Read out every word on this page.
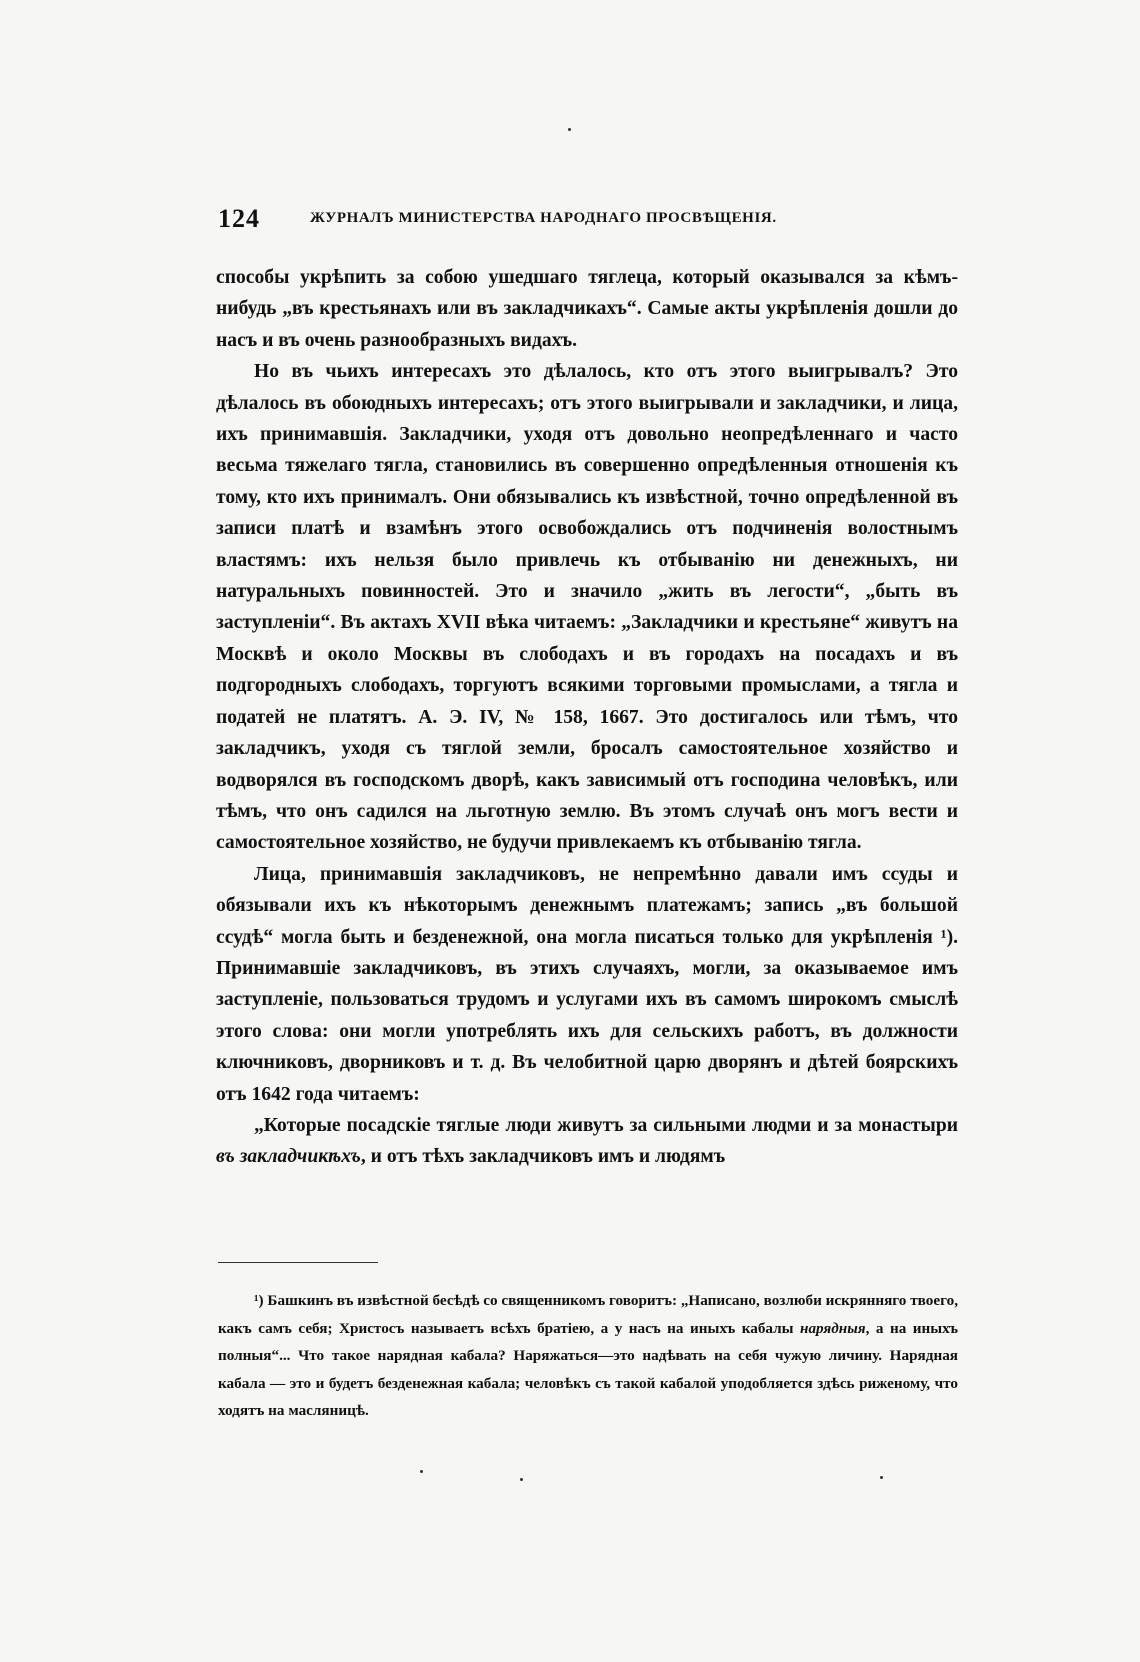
124	ЖУРНАЛЪ МИНИСТЕРСТВА НАРОДНАГО ПРОСВѢЩЕНІЯ.

способы укрѣпить за собою ушедшаго тяглеца, который оказывался за кѣмъ-нибудь „въ крестьянахъ или въ закладчикахъ“. Самые акты укрѣпленія дошли до насъ и въ очень разнообразныхъ видахъ.

Но въ чьихъ интересахъ это дѣлалось, кто отъ этого выигрывалъ? Это дѣлалось въ обоюдныхъ интересахъ; отъ этого выигрывали и закладчики, и лица, ихъ принимавшія. Закладчики, уходя отъ довольно неопредѣленнаго и часто весьма тяжелаго тягла, становились въ совершенно опредѣленныя отношенія къ тому, кто ихъ принималъ. Они обязывались къ извѣстной, точно опредѣленной въ записи платѣ и взамѣнъ этого освобождались отъ подчиненія волостнымъ властямъ: ихъ нельзя было привлечь къ отбыванію ни денежныхъ, ни натуральныхъ повинностей. Это и значило „жить въ легости“, „быть въ заступленіи“. Въ актахъ XVII вѣка читаемъ: „Закладчики и крестьяне“ живутъ на Москвѣ и около Москвы въ слободахъ и въ городахъ на посадахъ и въ подгородныхъ слободахъ, торгуютъ всякими торговыми промыслами, а тягла и податей не платятъ. А. Э. IV, № 158, 1667. Это достигалось или тѣмъ, что закладчикъ, уходя съ тяглой земли, бросалъ самостоятельное хозяйство и водворялся въ господскомъ дворѣ, какъ зависимый отъ господина человѣкъ, или тѣмъ, что онъ садился на льготную землю. Въ этомъ случаѣ онъ могъ вести и самостоятельное хозяйство, не будучи привлекаемъ къ отбыванію тягла.

Лица, принимавшія закладчиковъ, не непремѣнно давали имъ ссуды и обязывали ихъ къ нѣкоторымъ денежнымъ платежамъ; запись „въ большой ссудѣ“ могла быть и безденежной, она могла писаться только для укрѣпленія ¹). Принимавшіе закладчиковъ, въ этихъ случаяхъ, могли, за оказываемое имъ заступленіе, пользоваться трудомъ и услугами ихъ въ самомъ широкомъ смыслѣ этого слова: они могли употреблять ихъ для сельскихъ работъ, въ должности ключниковъ, дворниковъ и т. д. Въ челобитной царю дворянъ и дѣтей боярскихъ отъ 1642 года читаемъ:

„Которые посадскіе тяглые люди живутъ за сильными людми и за монастыри въ закладчикѣхъ, и отъ тѣхъ закладчиковъ имъ и людямъ

¹) Башкинъ въ извѣстной бесѣдѣ со священникомъ говоритъ: „Написано, возлюби искрянняго твоего, какъ самъ себя; Христосъ называетъ всѣхъ братіею, а у насъ на иныхъ кабалы нарядныя, а на иныхъ полныя“... Что такое нарядная кабала? Наряжаться—это надѣвать на себя чужую личину. Нарядная кабала — это и будетъ безденежная кабала; человѣкъ съ такой кабалой уподобляется здѣсь риженому, что ходятъ на масляницѣ.
